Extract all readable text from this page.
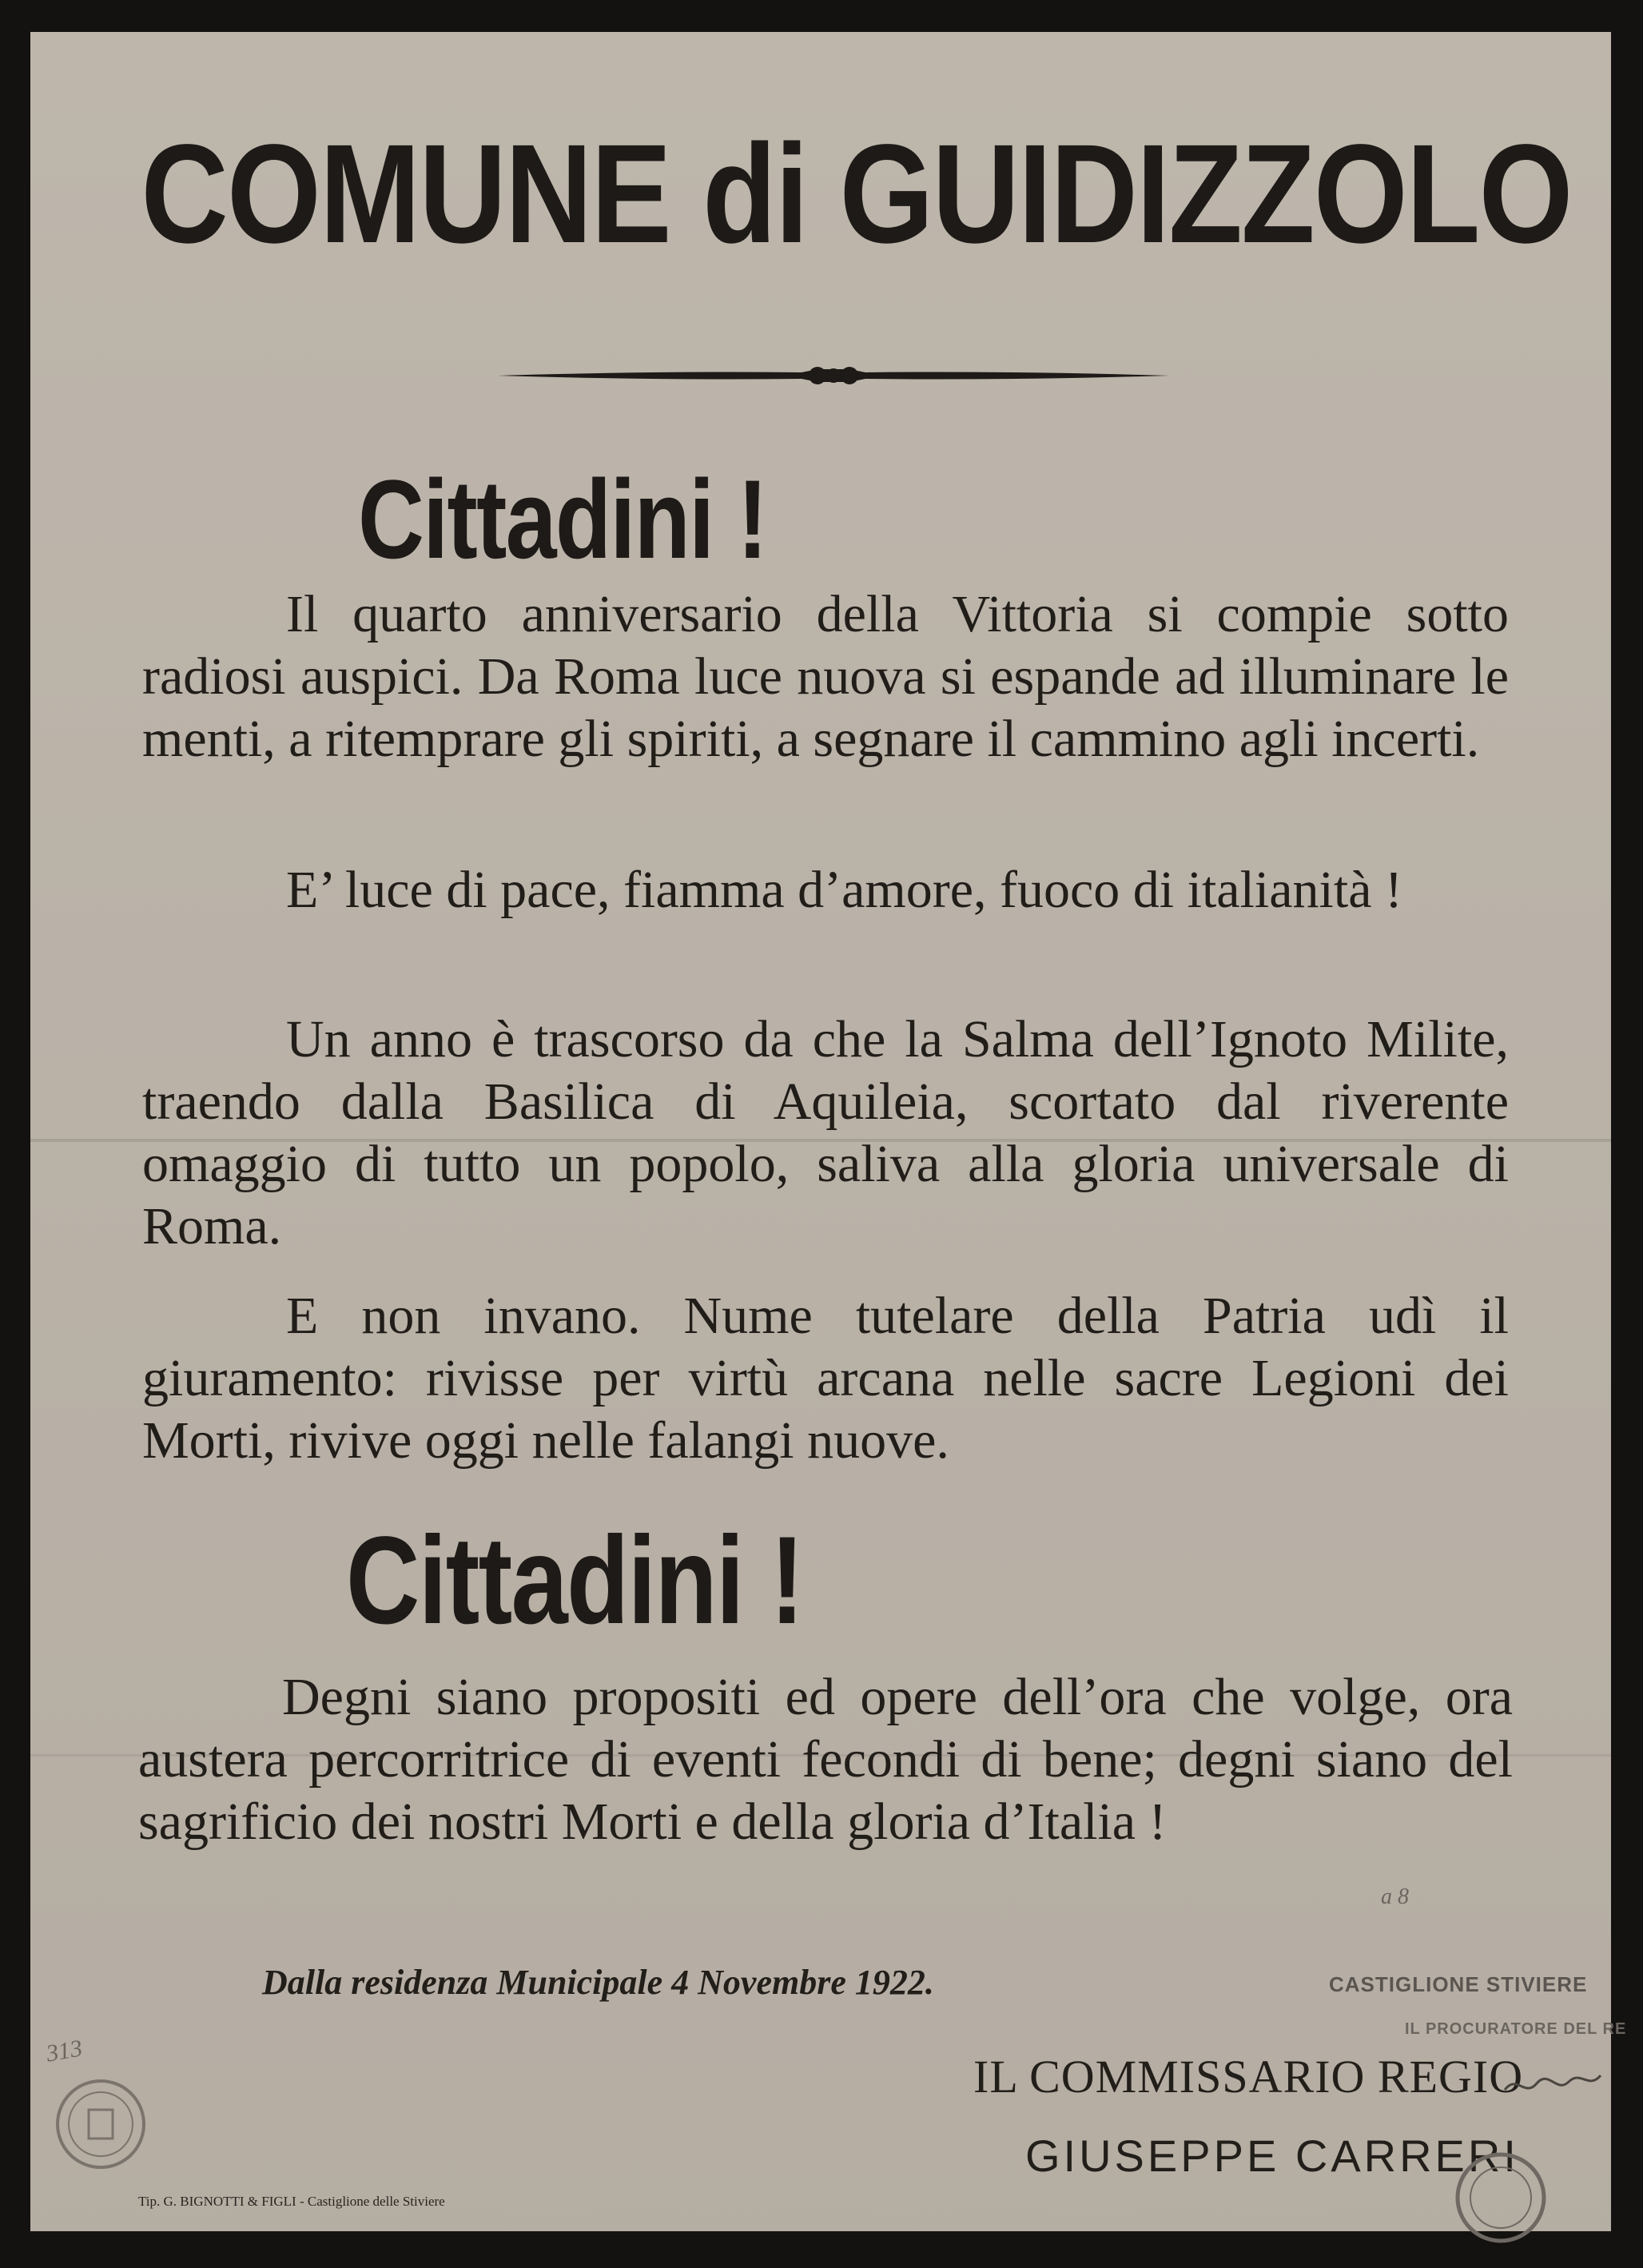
COMUNE di GUIDIZZOLO
Cittadini !

Il quarto anniversario della Vittoria si compie sotto radiosi auspici. Da Roma luce nuova si espande ad illuminare le menti, a ritemprare gli spiriti, a segnare il cammino agli incerti.

E’ luce di pace, fiamma d’amore, fuoco di italianità !

Un anno è trascorso da che la Salma dell’Ignoto Milite, traendo dalla Basilica di Aquileia, scortato dal riverente omaggio di tutto un popolo, saliva alla gloria universale di Roma.

E non invano. Nume tutelare della Patria udì il giuramento: rivisse per virtù arcana nelle sacre Legioni dei Morti, rivive oggi nelle falangi nuove.

Cittadini !

Degni siano propositi ed opere dell’ora che volge, ora austera percorritrice di eventi fecondi di bene; degni siano del sagrificio dei nostri Morti e della gloria d’Italia !

Dalla residenza Municipale 4 Novembre 1922.
a 8
CASTIGLIONE STIVIERE
IL PROCURATORE DEL RE
IL COMMISSARIO REGIO
GIUSEPPE CARRERI
313
Tip. G. BIGNOTTI & FIGLI - Castiglione delle Stiviere
